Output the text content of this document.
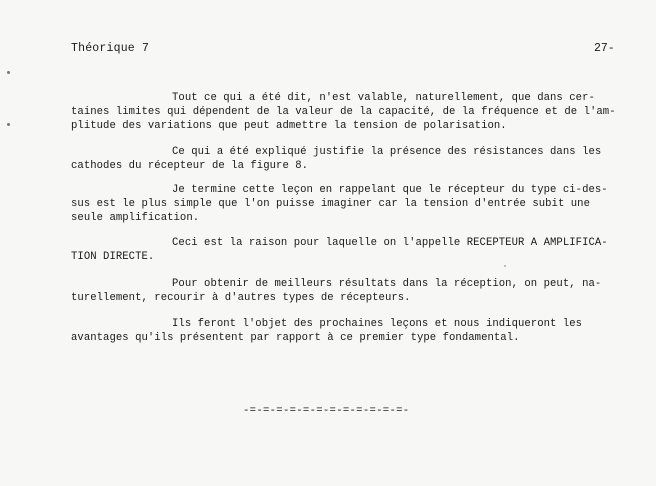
Théorique 7	27-
Tout ce qui a été dit, n'est valable, naturellement, que dans cer-
taines limites qui dépendent de la valeur de la capacité, de la fréquence et de l'am-
plitude des variations que peut admettre la tension de polarisation.
Ce qui a été expliqué justifie la présence des résistances dans les
cathodes du récepteur de la figure 8.
Je termine cette leçon en rappelant que le récepteur du type ci-des-
sus est le plus simple que l'on puisse imaginer car la tension d'entrée subit une
seule amplification.
Ceci est la raison pour laquelle on l'appelle RECEPTEUR A AMPLIFICA-
TION DIRECTE.
Pour obtenir de meilleurs résultats dans la réception, on peut, na-
turellement, recourir à d'autres types de récepteurs.
Ils feront l'objet des prochaines leçons et nous indiqueront les
avantages qu'ils présentent par rapport à ce premier type fondamental.
-=-=-=-=-=-=-=-=-=-=-=-=-
